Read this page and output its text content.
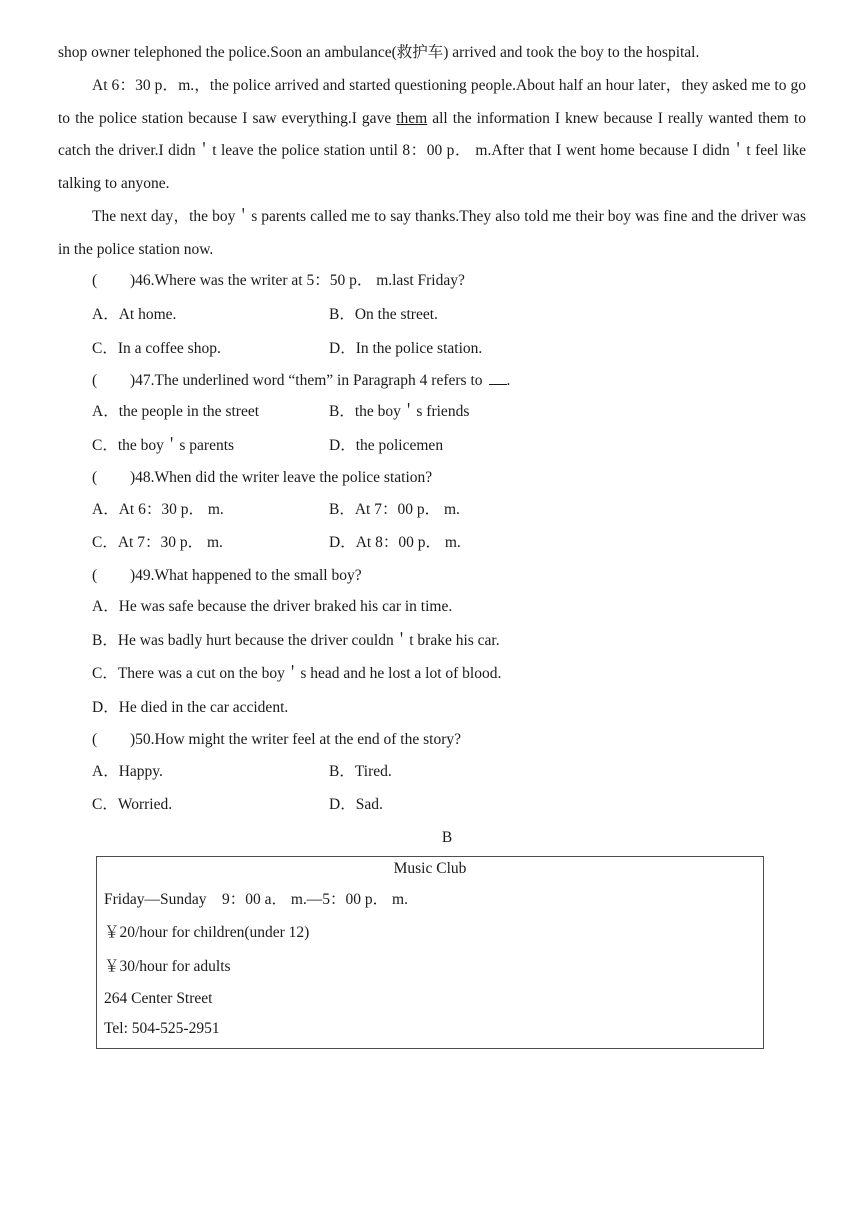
shop owner telephoned the police.Soon an ambulance(救护车) arrived and took the boy to the hospital.
At 6：30 p．m.，the police arrived and started questioning people.About half an hour later，they asked me to go to the police station because I saw everything.I gave them all the information I knew because I really wanted them to catch the driver.I didn＇t leave the police station until 8：00 p． m.After that I went home because I didn＇t feel like talking to anyone.
The next day，the boy＇s parents called me to say thanks.They also told me their boy was fine and the driver was in the police station now.
( )46.Where was the writer at 5：50 p． m.last Friday?
A．At home.	B．On the street.
C．In a coffee shop.	D．In the police station.
( )47.The underlined word “them” in Paragraph 4 refers to .
A．the people in the street	B．the boy＇s friends
C．the boy＇s parents	D．the policemen
( )48.When did the writer leave the police station?
A．At 6：30 p． m.	B．At 7：00 p． m.
C．At 7：30 p． m.	D．At 8：00 p． m.
( )49.What happened to the small boy?
A．He was safe because the driver braked his car in time.
B．He was badly hurt because the driver couldn＇t brake his car.
C．There was a cut on the boy＇s head and he lost a lot of blood.
D．He died in the car accident.
( )50.How might the writer feel at the end of the story?
A．Happy.	B．Tired.
C．Worried.	D．Sad.
B
Music Club
Friday—Sunday　9：00 a． m.—5：00 p． m.
￥20/hour for children(under 12)
￥30/hour for adults
264 Center Street
Tel: 504-525-2951
